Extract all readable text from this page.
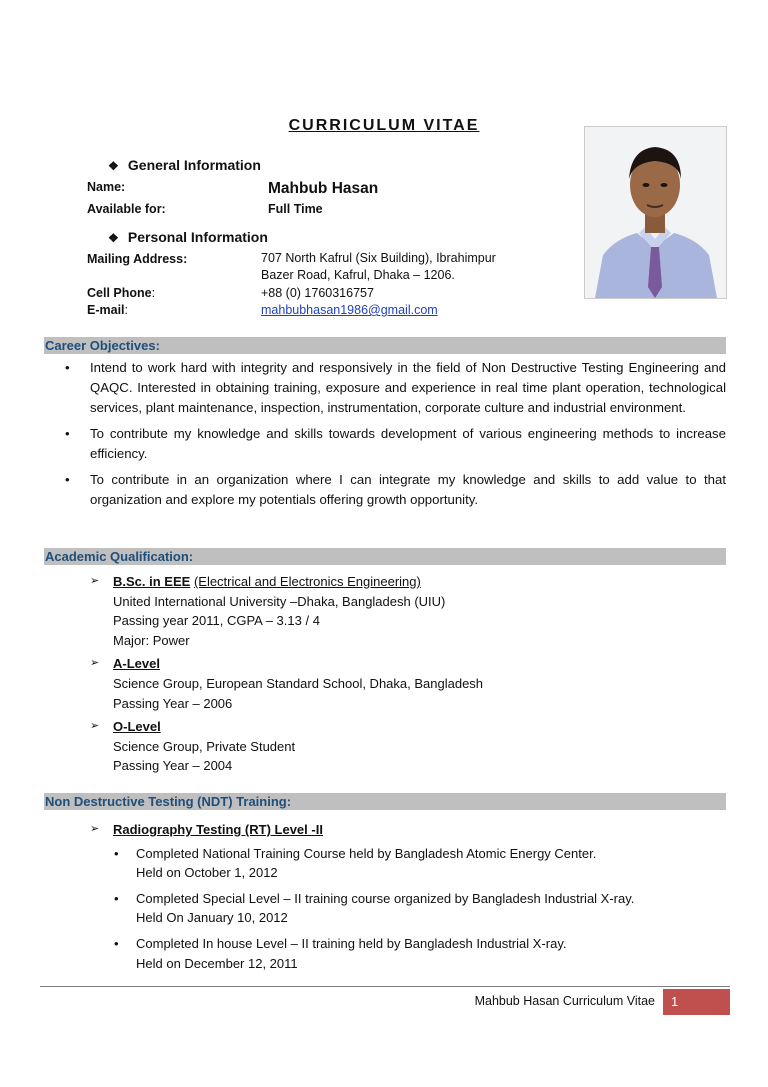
CURRICULUM VITAE
❖ General Information
Name:	Mahbub Hasan
Available for:	Full Time
❖ Personal Information
Mailing Address:	707 North Kafrul (Six Building), Ibrahimpur
Bazer Road, Kafrul, Dhaka – 1206.
Cell Phone:	+88 (0) 1760316757
E-mail:	mahbubhasan1986@gmail.com
Career Objectives:
• Intend to work hard with integrity and responsively in the field of Non Destructive Testing Engineering and QAQC. Interested in obtaining training, exposure and experience in real time plant operation, technological services, plant maintenance, inspection, instrumentation, corporate culture and industrial environment.
• To contribute my knowledge and skills towards development of various engineering methods to increase efficiency.
• To contribute in an organization where I can integrate my knowledge and skills to add value to that organization and explore my potentials offering growth opportunity.
Academic Qualification:
➢ B.Sc. in EEE (Electrical and Electronics Engineering)
United International University –Dhaka, Bangladesh (UIU)
Passing year 2011, CGPA – 3.13 / 4
Major: Power
➢ A-Level
Science Group, European Standard School, Dhaka, Bangladesh
Passing Year – 2006
➢ O-Level
Science Group, Private Student
Passing Year – 2004
Non Destructive Testing (NDT) Training:
➢ Radiography Testing (RT) Level -II
• Completed National Training Course held by Bangladesh Atomic Energy Center.
Held on October 1, 2012
• Completed Special Level – II training course organized by Bangladesh Industrial X-ray.
Held On January 10, 2012
• Completed In house Level – II training held by Bangladesh Industrial X-ray.
Held on December 12, 2011
Mahbub Hasan Curriculum Vitae	1
